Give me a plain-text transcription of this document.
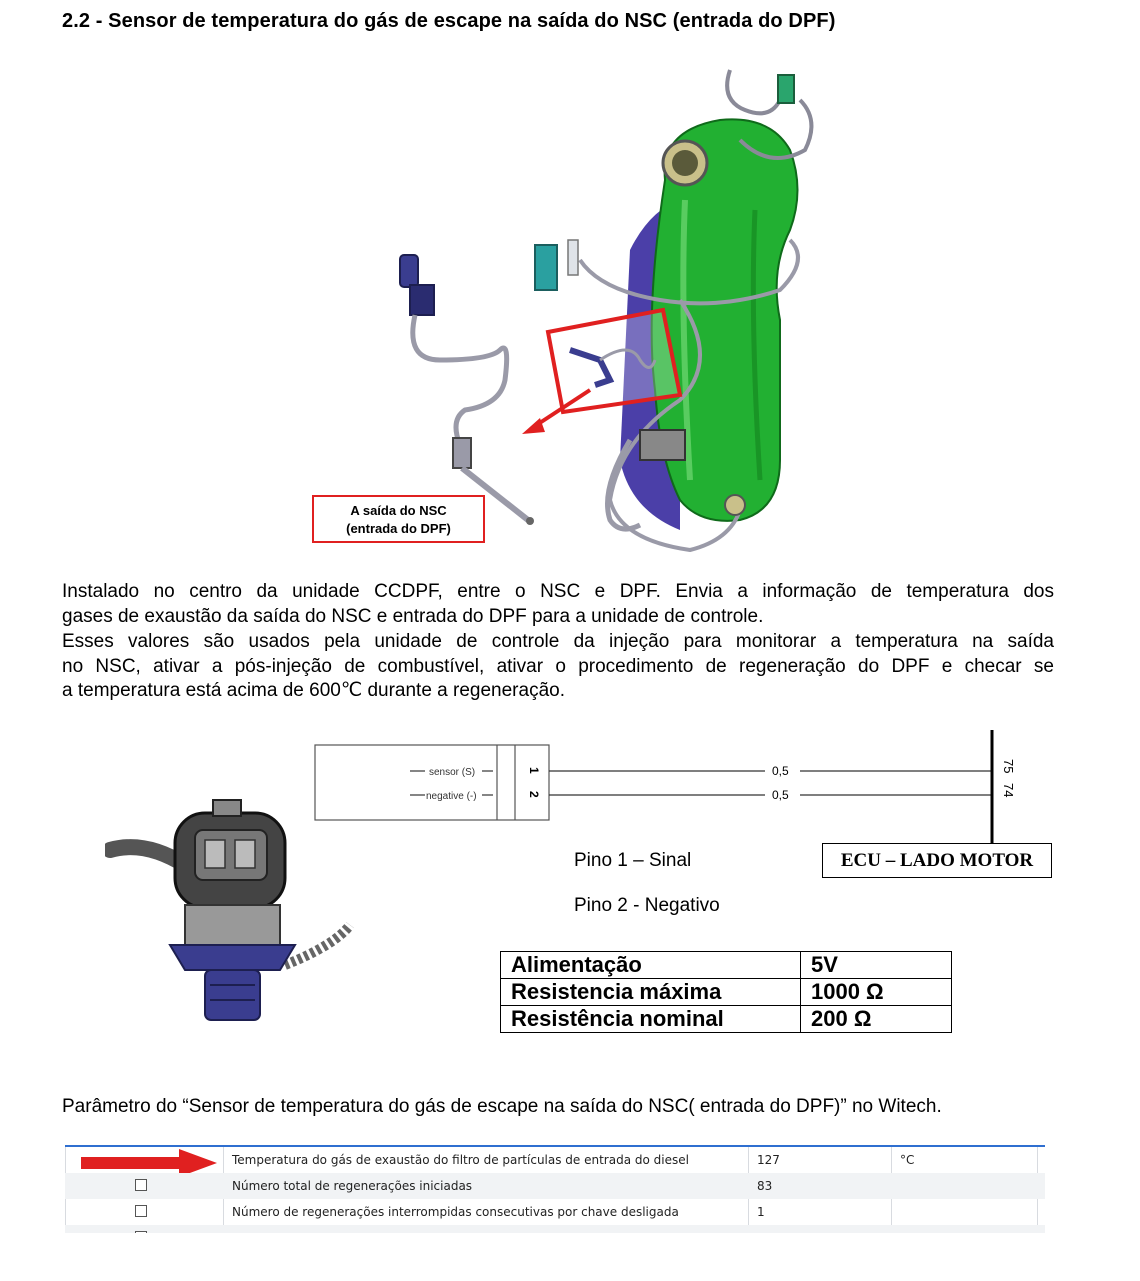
2.2 - Sensor de temperatura do gás de escape na saída do NSC (entrada do DPF)
A saída do NSC
(entrada do DPF)
Instalado no centro da unidade CCDPF, entre o NSC e DPF. Envia a informação de temperatura dos
gases de exaustão da saída do NSC e entrada do DPF para a unidade de controle.
Esses valores são usados pela unidade de controle da injeção para monitorar a temperatura na saída
no NSC, ativar a pós-injeção de combustível, ativar o procedimento de regeneração do DPF e checar se
a temperatura está acima de 600℃ durante a regeneração.
sensor (S)
negative (-)
1
2
0,5
0,5
75
74
ECU – LADO MOTOR
Pino 1 – Sinal
Pino 2 - Negativo
Alimentação	5V
Resistencia máxima	1000 Ω
Resistência nominal	200 Ω
Parâmetro do “Sensor de temperatura do gás de escape na saída do NSC( entrada do DPF)” no Witech.
Temperatura do gás de exaustão do filtro de partículas de entrada do diesel	127	°C
Número total de regenerações iniciadas	83
Número de regenerações interrompidas consecutivas por chave desligada	1
